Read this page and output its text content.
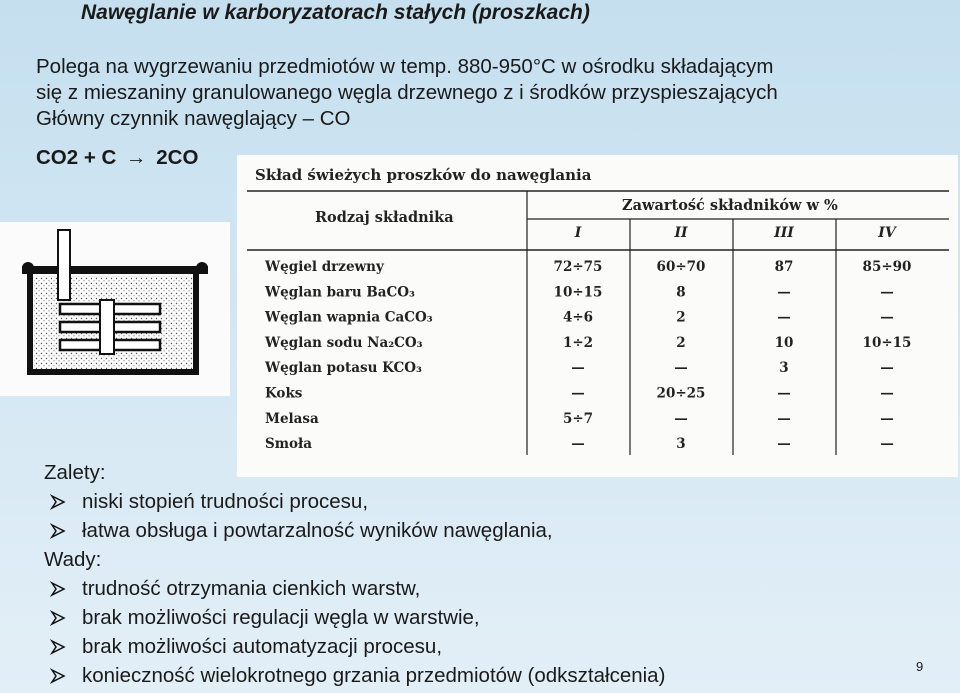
Nawęglanie w karboryzatorach stałych (proszkach)
Polega na wygrzewaniu przedmiotów w temp. 880-950°C w ośrodku składającym
się z mieszaniny granulowanego węgla drzewnego z i środków przyspieszających
Główny czynnik nawęglający – CO
CO2 + C → 2CO
Skład świeżych proszków do nawęglania
Zawartość składników w %
Rodzaj składnika
I	II	III	IV
Węgiel drzewny	72÷75	60÷70	87	85÷90
Węglan baru BaCO₃	10÷15	8	—	—
Węglan wapnia CaCO₃	4÷6	2	—	—
Węglan sodu Na₂CO₃	1÷2	2	10	10÷15
Węglan potasu KCO₃	—	—	3	—
Koks	—	20÷25	—	—
Melasa	5÷7	—	—	—
Smoła	—	3	—	—
Zalety:
niski stopień trudności procesu,
łatwa obsługa i powtarzalność wyników nawęglania,
Wady:
trudność otrzymania cienkich warstw,
brak możliwości regulacji węgla w warstwie,
brak możliwości automatyzacji procesu,
konieczność wielokrotnego grzania przedmiotów (odkształcenia)	9
